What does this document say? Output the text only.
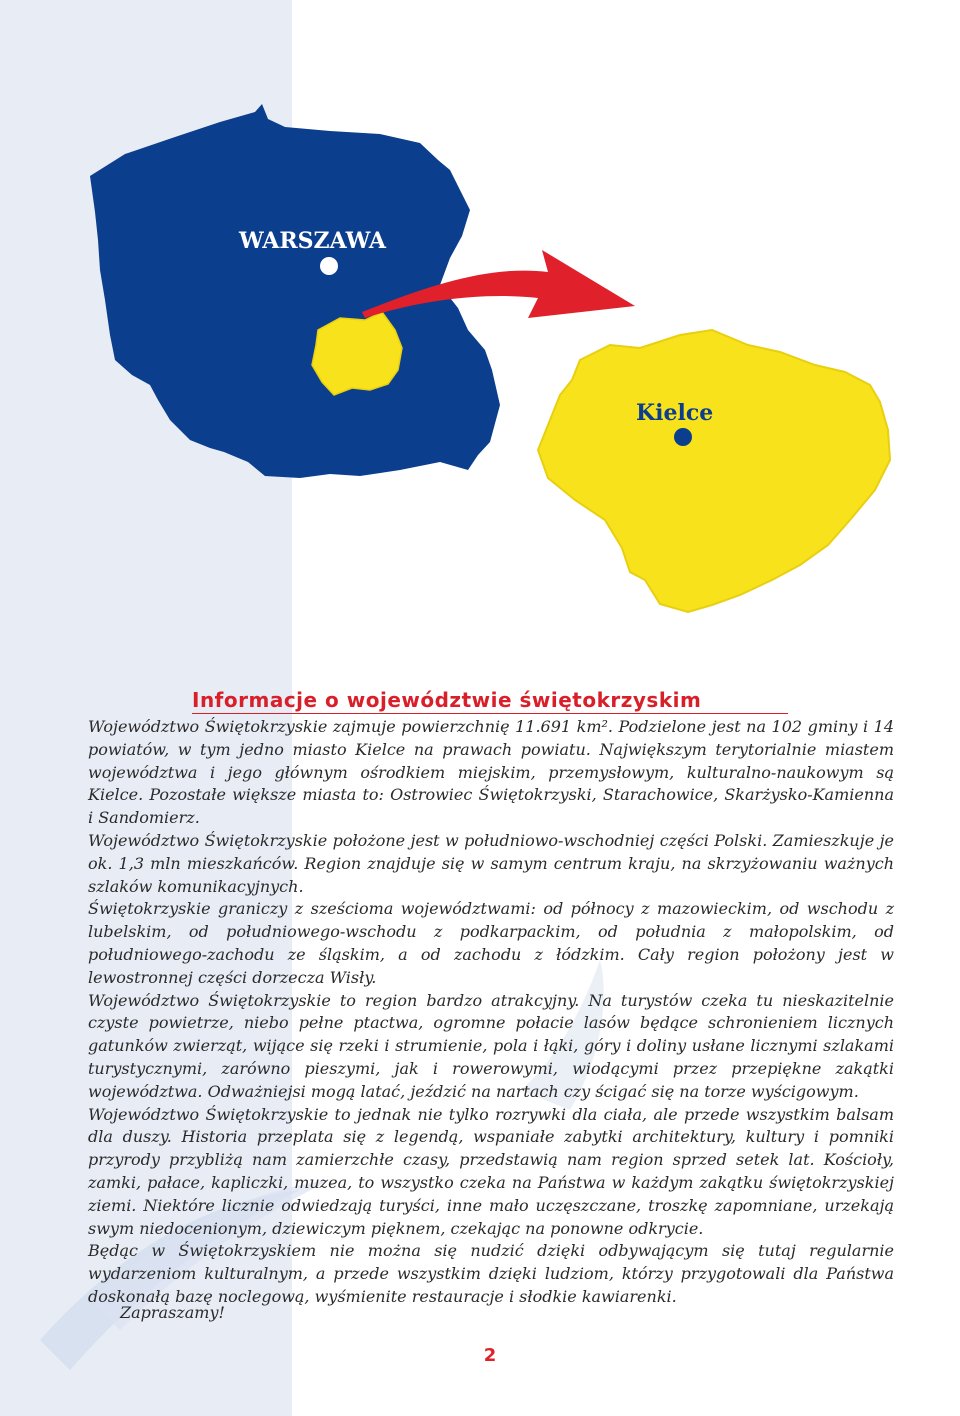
WARSZAWA
Kielce
Informacje o województwie świętokrzyskim

Województwo Świętokrzyskie zajmuje powierzchnię 11.691 km². Podzielone jest na 102 gminy i 14 powiatów, w tym jedno miasto Kielce na prawach powiatu. Największym terytorialnie miastem województwa i jego głównym ośrodkiem miejskim, przemysłowym, kulturalno-naukowym są Kielce. Pozostałe większe miasta to: Ostrowiec Świętokrzyski, Starachowice, Skarżysko-Kamienna i Sandomierz.

Województwo Świętokrzyskie położone jest w południowo-wschodniej części Polski. Zamieszkuje je ok. 1,3 mln mieszkańców. Region znajduje się w samym centrum kraju, na skrzyżowaniu ważnych szlaków komunikacyjnych.

Świętokrzyskie graniczy z sześcioma województwami: od północy z mazowieckim, od wschodu z lubelskim, od południowego-wschodu z podkarpackim, od południa z małopolskim, od południowego-zachodu ze śląskim, a od zachodu z łódzkim. Cały region położony jest w lewostronnej części dorzecza Wisły.

Województwo Świętokrzyskie to region bardzo atrakcyjny. Na turystów czeka tu nieskazitelnie czyste powietrze, niebo pełne ptactwa, ogromne połacie lasów będące schronieniem licznych gatunków zwierząt, wijące się rzeki i strumienie, pola i łąki, góry i doliny usłane licznymi szlakami turystycznymi, zarówno pieszymi, jak i rowerowymi, wiodącymi przez przepiękne zakątki województwa. Odważniejsi mogą latać, jeździć na nartach czy ścigać się na torze wyścigowym.

Województwo Świętokrzyskie to jednak nie tylko rozrywki dla ciała, ale przede wszystkim balsam dla duszy. Historia przeplata się z legendą, wspaniałe zabytki architektury, kultury i pomniki przyrody przybliżą nam zamierzchłe czasy, przedstawią nam region sprzed setek lat. Kościoły, zamki, pałace, kapliczki, muzea, to wszystko czeka na Państwa w każdym zakątku świętokrzyskiej ziemi. Niektóre licznie odwiedzają turyści, inne mało uczęszczane, troszkę zapomniane, urzekają swym niedocenionym, dziewiczym pięknem, czekając na ponowne odkrycie.

Będąc w Świętokrzyskiem nie można się nudzić dzięki odbywającym się tutaj regularnie wydarzeniom kulturalnym, a przede wszystkim dzięki ludziom, którzy przygotowali dla Państwa doskonałą bazę noclegową, wyśmienite restauracje i słodkie kawiarenki.

Zapraszamy!
2
